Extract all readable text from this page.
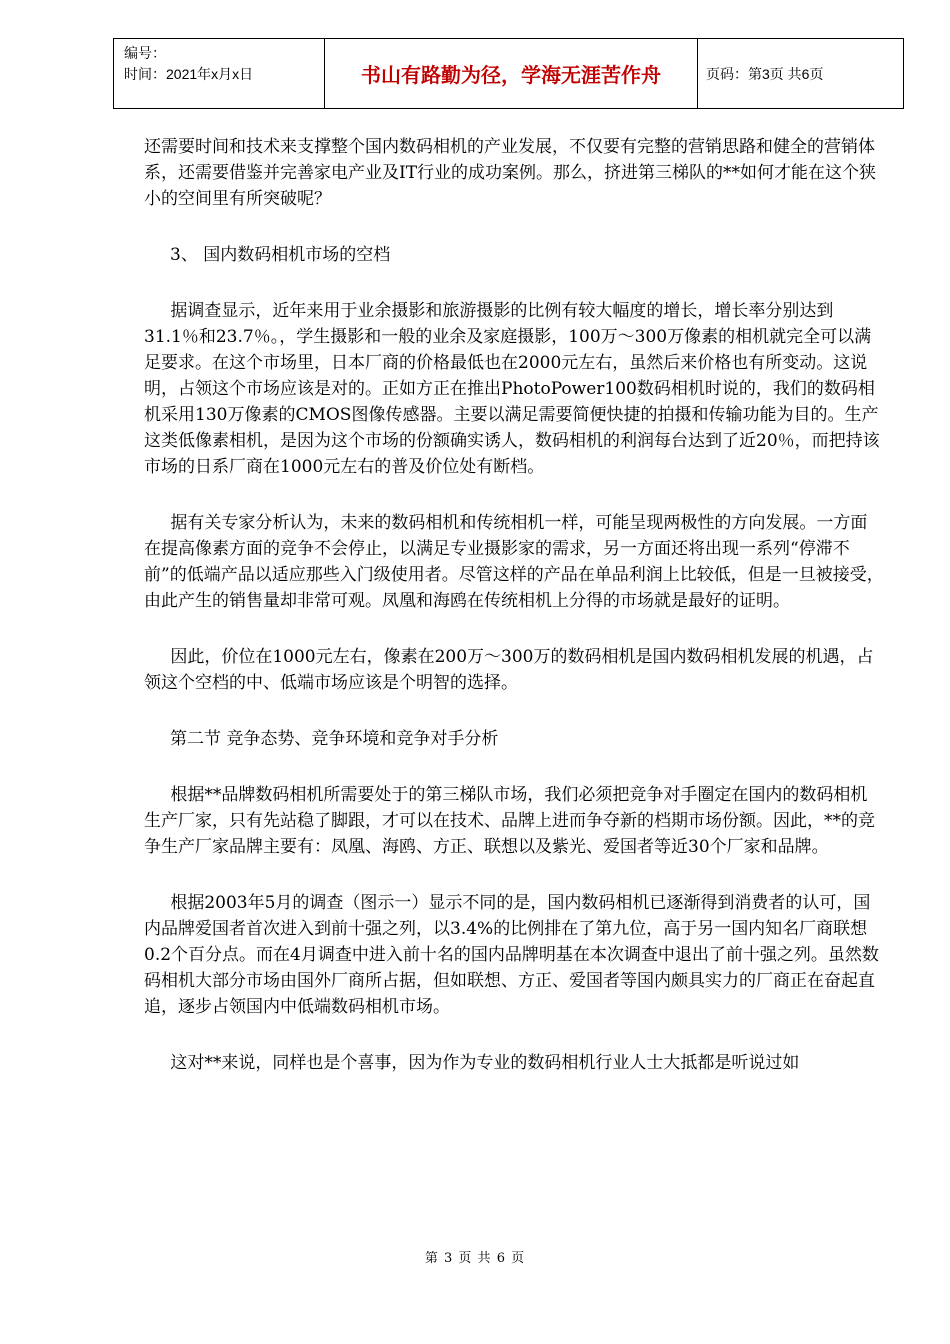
编号：
时间：2021年x月x日	书山有路勤为径，学海无涯苦作舟	页码：第3页 共6页

还需要时间和技术来支撑整个国内数码相机的产业发展，不仅要有完整的营销思路和健全的营销体系，还需要借鉴并完善家电产业及IT行业的成功案例。那么，挤进第三梯队的**如何才能在这个狭小的空间里有所突破呢？

3、 国内数码相机市场的空档

据调查显示，近年来用于业余摄影和旅游摄影的比例有较大幅度的增长，增长率分别达到31.1％和23.7％。，学生摄影和一般的业余及家庭摄影，100万～300万像素的相机就完全可以满足要求。在这个市场里，日本厂商的价格最低也在2000元左右，虽然后来价格也有所变动。这说明，占领这个市场应该是对的。正如方正在推出PhotoPower100数码相机时说的，我们的数码相机采用130万像素的CMOS图像传感器。主要以满足需要简便快捷的拍摄和传输功能为目的。生产这类低像素相机，是因为这个市场的份额确实诱人，数码相机的利润每台达到了近20％，而把持该市场的日系厂商在1000元左右的普及价位处有断档。

据有关专家分析认为，未来的数码相机和传统相机一样，可能呈现两极性的方向发展。一方面在提高像素方面的竞争不会停止，以满足专业摄影家的需求，另一方面还将出现一系列“停滞不前”的低端产品以适应那些入门级使用者。尽管这样的产品在单品利润上比较低，但是一旦被接受，由此产生的销售量却非常可观。凤凰和海鸥在传统相机上分得的市场就是最好的证明。

因此，价位在1000元左右，像素在200万～300万的数码相机是国内数码相机发展的机遇，占领这个空档的中、低端市场应该是个明智的选择。

第二节 竞争态势、竞争环境和竞争对手分析

根据**品牌数码相机所需要处于的第三梯队市场，我们必须把竞争对手圈定在国内的数码相机生产厂家，只有先站稳了脚跟，才可以在技术、品牌上进而争夺新的档期市场份额。因此，**的竞争生产厂家品牌主要有：凤凰、海鸥、方正、联想以及紫光、爱国者等近30个厂家和品牌。

根据2003年5月的调查（图示一）显示不同的是，国内数码相机已逐渐得到消费者的认可，国内品牌爱国者首次进入到前十强之列，以3.4%的比例排在了第九位，高于另一国内知名厂商联想0.2个百分点。而在4月调查中进入前十名的国内品牌明基在本次调查中退出了前十强之列。虽然数码相机大部分市场由国外厂商所占据，但如联想、方正、爱国者等国内颇具实力的厂商正在奋起直追，逐步占领国内中低端数码相机市场。

这对**来说，同样也是个喜事，因为作为专业的数码相机行业人士大抵都是听说过如

第 3 页 共 6 页
